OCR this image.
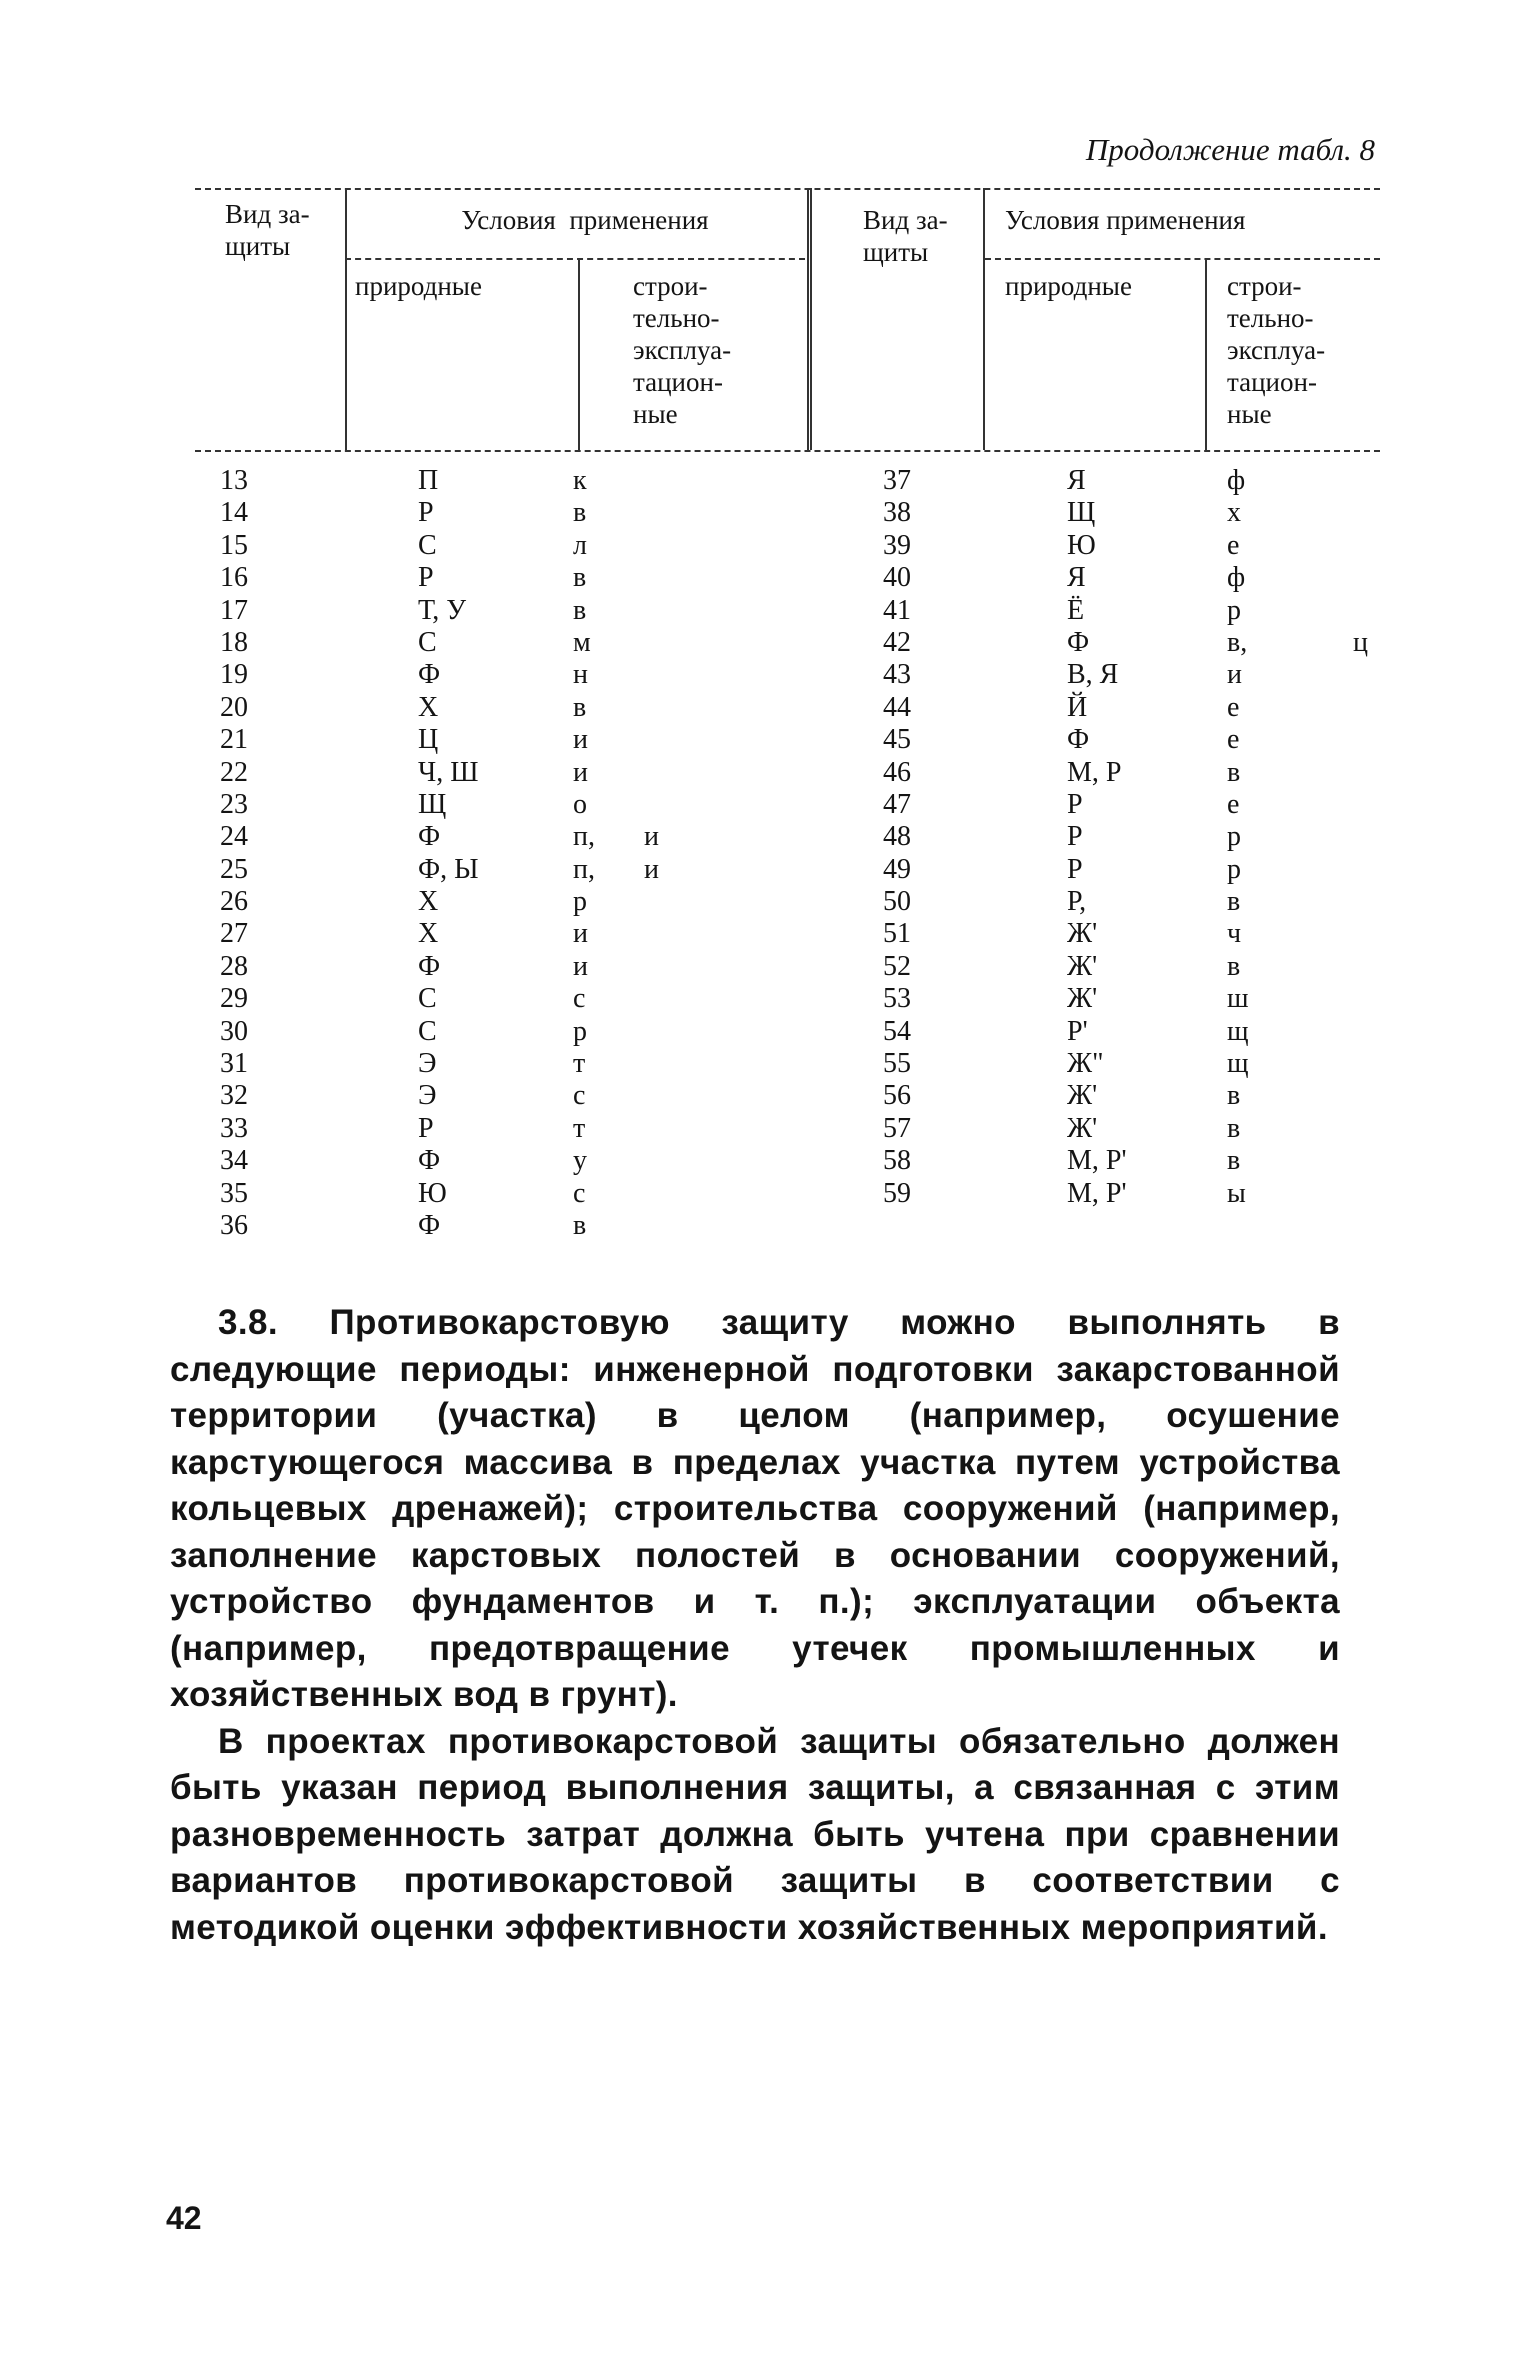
Продолжение табл. 8
Вид за-
щиты
Условия  применения
природные	строи-
тельно-
эксплуа-
тацион-
ные
Вид за-
щиты
Условия применения
природные	строи-
тельно-
эксплуа-
тацион-
ные
13
14
15
16
17
18
19
20
21
22
23
24
25
26
27
28
29
30
31
32
33
34
35
36
П
Р
С
Р
Т, У
С
Ф
Х
Ц
Ч, Ш
Щ
Ф
Ф, Ы
Х
Х
Ф
С
С
Э
Э
Р
Ф
Ю
Ф
к
в
л
в
в
м
н
в
и
и
о
п,       и
п,       и
р
и
и
с
р
т
с
т
у
с
в
37
38
39
40
41
42
43
44
45
46
47
48
49
50
51
52
53
54
55
56
57
58
59
Я
Щ
Ю
Я
Ё
Ф
В, Я
Й
Ф
М, Р
Р
Р
Р
Р,
Ж'
Ж'
Ж'
Р'
Ж"
Ж'
Ж'
М, Р'
М, Р'
ф
х
е
ф
р
в,
и
е
е
в
е
р
р
в
ч
в
ш
щ
щ
в
в
в
ы
ц

3.8. Противокарстовую защиту можно выполнять в следующие периоды: инженерной подготовки закарстованной территории (участка) в целом (например, осушение карстующегося массива в пределах участка путем устройства кольцевых дренажей); строительства сооружений (например, заполнение карстовых полостей в основании сооружений, устройство фундаментов и т. п.); эксплуатации объекта (например, предотвращение утечек промышленных и хозяйственных вод в грунт).

В проектах противокарстовой защиты обязательно должен быть указан период выполнения защиты, а связанная с этим разновременность затрат должна быть учтена при сравнении вариантов противокарстовой защиты в соответствии с методикой оценки эффективности хозяйственных мероприятий.

42
